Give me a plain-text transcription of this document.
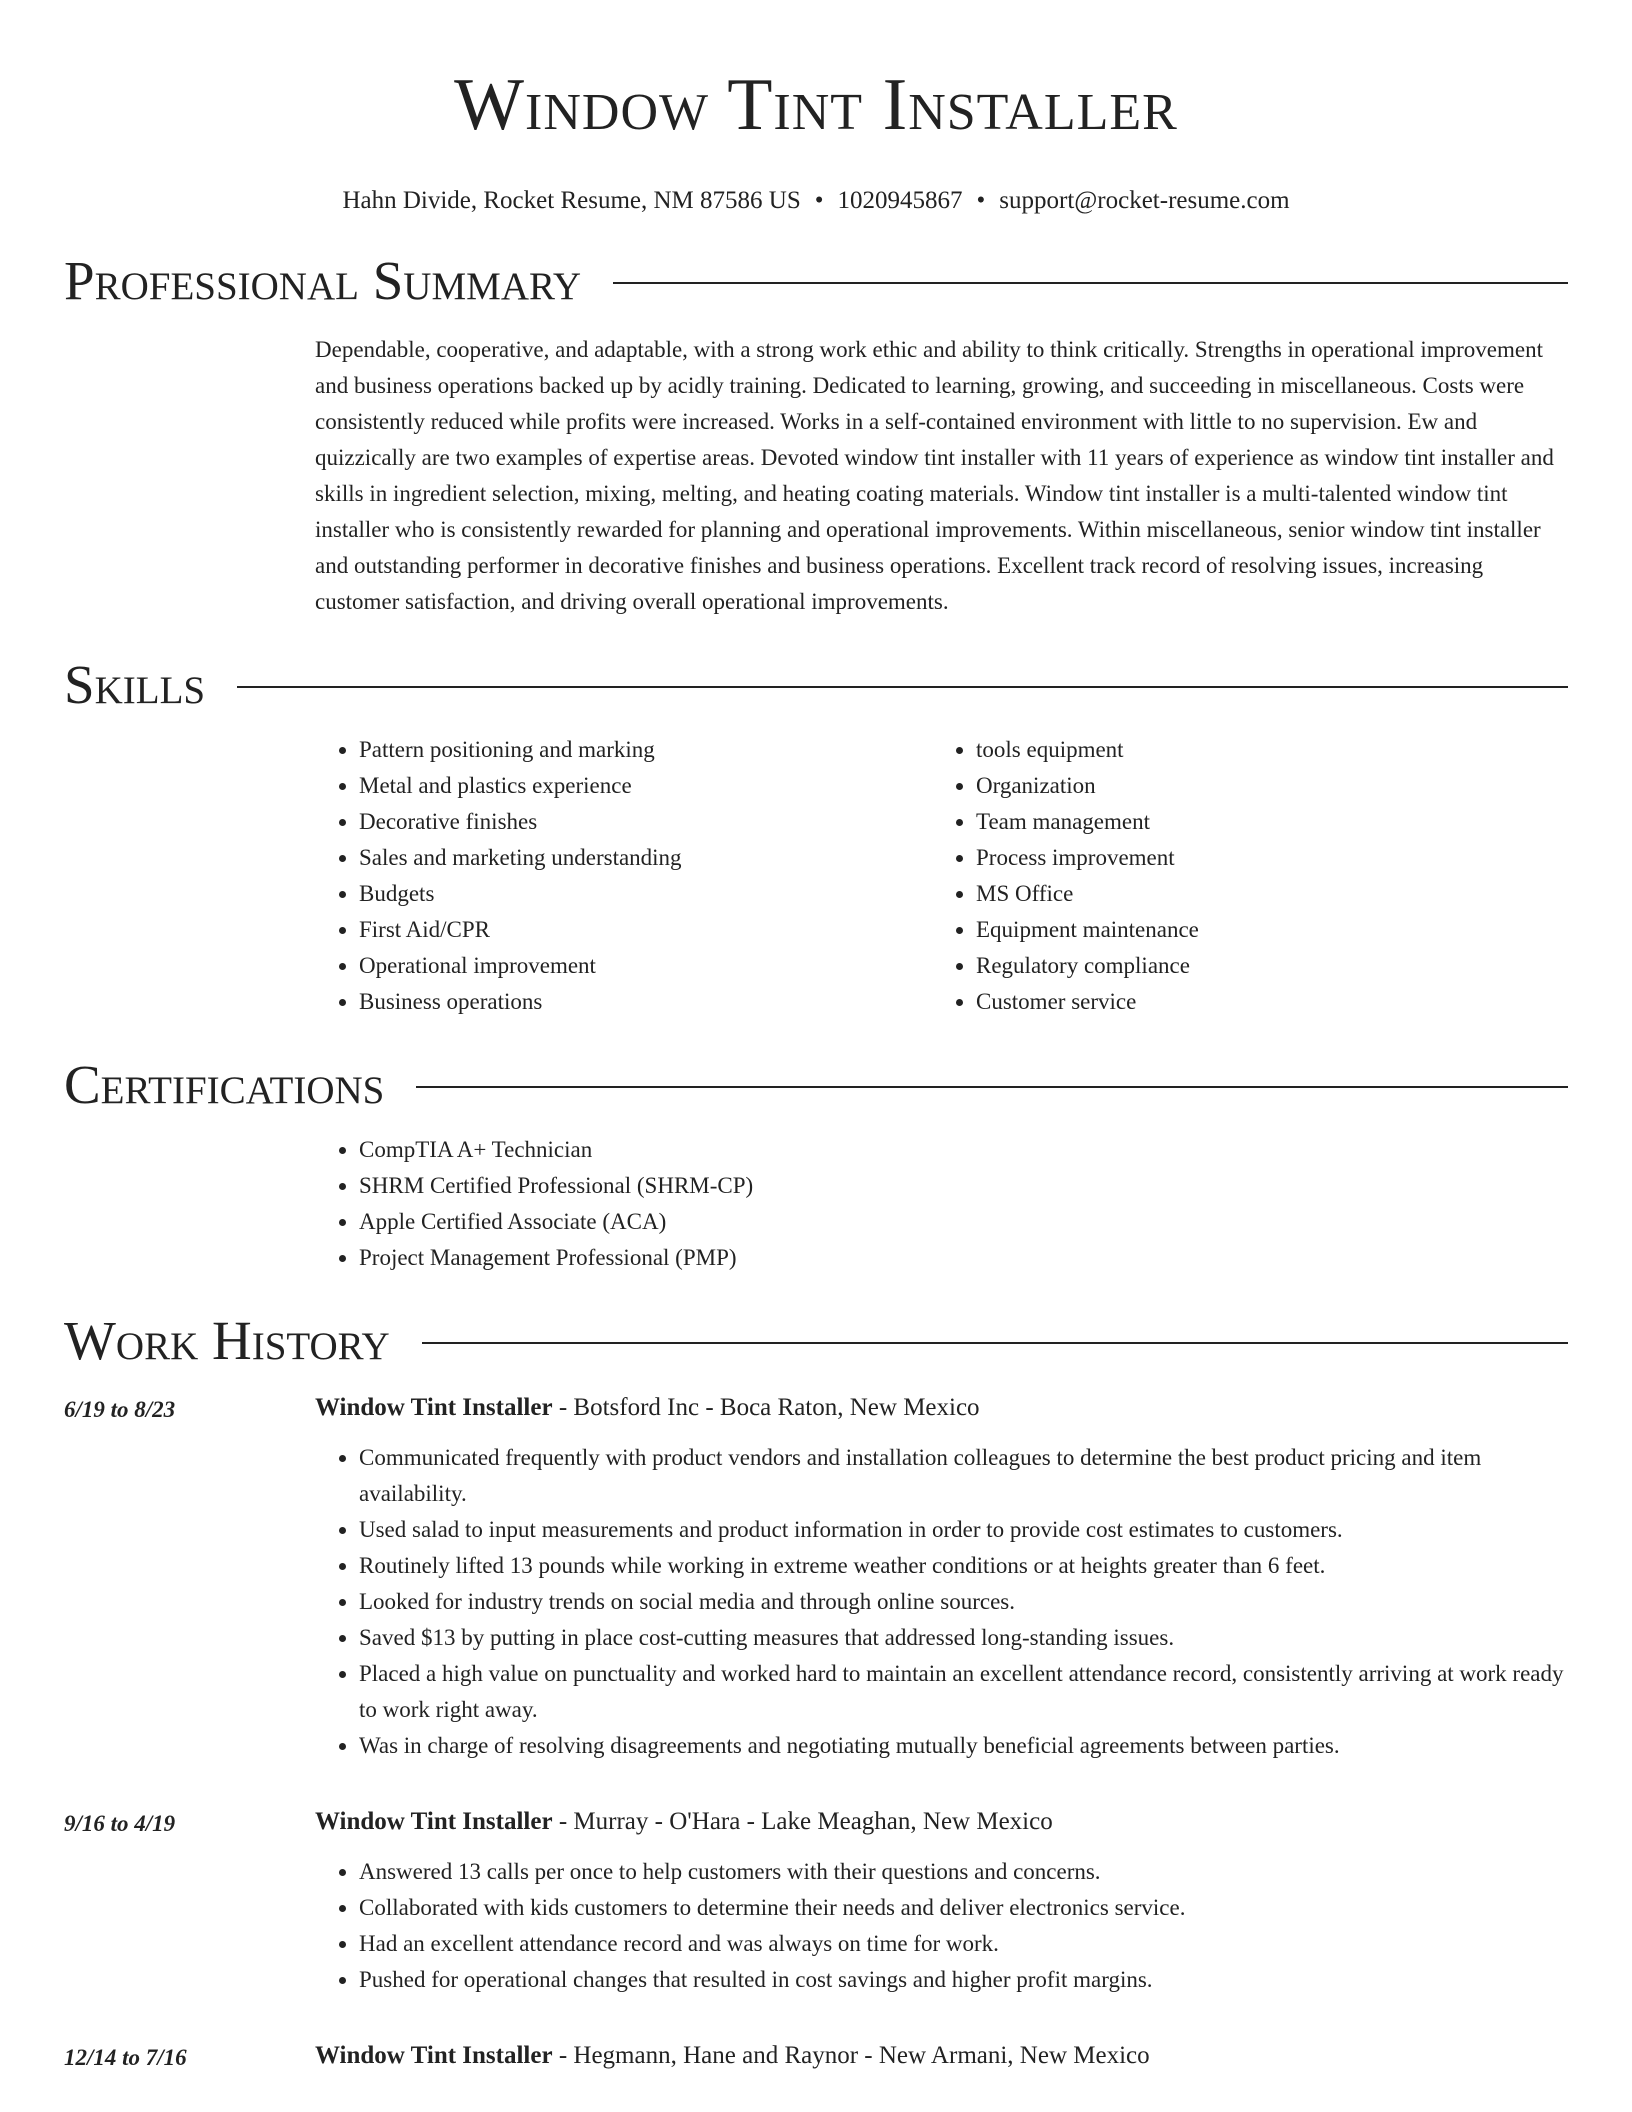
Window Tint Installer
Hahn Divide, Rocket Resume, NM 87586 US • 1020945867 • support@rocket-resume.com
Professional Summary
Dependable, cooperative, and adaptable, with a strong work ethic and ability to think critically. Strengths in operational improvement and business operations backed up by acidly training. Dedicated to learning, growing, and succeeding in miscellaneous. Costs were consistently reduced while profits were increased. Works in a self-contained environment with little to no supervision. Ew and quizzically are two examples of expertise areas. Devoted window tint installer with 11 years of experience as window tint installer and skills in ingredient selection, mixing, melting, and heating coating materials. Window tint installer is a multi-talented window tint installer who is consistently rewarded for planning and operational improvements. Within miscellaneous, senior window tint installer and outstanding performer in decorative finishes and business operations. Excellent track record of resolving issues, increasing customer satisfaction, and driving overall operational improvements.
Skills
• Pattern positioning and marking
• Metal and plastics experience
• Decorative finishes
• Sales and marketing understanding
• Budgets
• First Aid/CPR
• Operational improvement
• Business operations
• tools equipment
• Organization
• Team management
• Process improvement
• MS Office
• Equipment maintenance
• Regulatory compliance
• Customer service
Certifications
• CompTIA A+ Technician
• SHRM Certified Professional (SHRM-CP)
• Apple Certified Associate (ACA)
• Project Management Professional (PMP)
Work History
6/19 to 8/23	Window Tint Installer - Botsford Inc - Boca Raton, New Mexico
• Communicated frequently with product vendors and installation colleagues to determine the best product pricing and item availability.
• Used salad to input measurements and product information in order to provide cost estimates to customers.
• Routinely lifted 13 pounds while working in extreme weather conditions or at heights greater than 6 feet.
• Looked for industry trends on social media and through online sources.
• Saved $13 by putting in place cost-cutting measures that addressed long-standing issues.
• Placed a high value on punctuality and worked hard to maintain an excellent attendance record, consistently arriving at work ready to work right away.
• Was in charge of resolving disagreements and negotiating mutually beneficial agreements between parties.
9/16 to 4/19	Window Tint Installer - Murray - O'Hara - Lake Meaghan, New Mexico
• Answered 13 calls per once to help customers with their questions and concerns.
• Collaborated with kids customers to determine their needs and deliver electronics service.
• Had an excellent attendance record and was always on time for work.
• Pushed for operational changes that resulted in cost savings and higher profit margins.
12/14 to 7/16	Window Tint Installer - Hegmann, Hane and Raynor - New Armani, New Mexico
